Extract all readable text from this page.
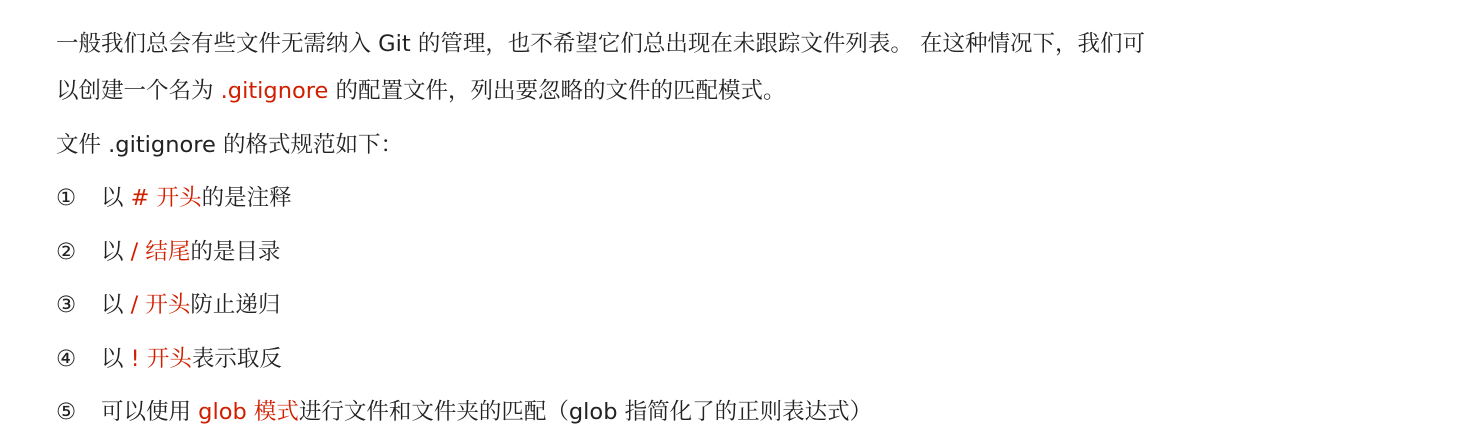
一般我们总会有些文件无需纳入 Git 的管理，也不希望它们总出现在未跟踪文件列表。 在这种情况下，我们可
以创建一个名为 .gitignore 的配置文件，列出要忽略的文件的匹配模式。
文件 .gitignore 的格式规范如下：
① 以 # 开头的是注释
② 以 / 结尾的是目录
③ 以 / 开头防止递归
④ 以 ! 开头表示取反
⑤ 可以使用 glob 模式进行文件和文件夹的匹配（glob 指简化了的正则表达式）
